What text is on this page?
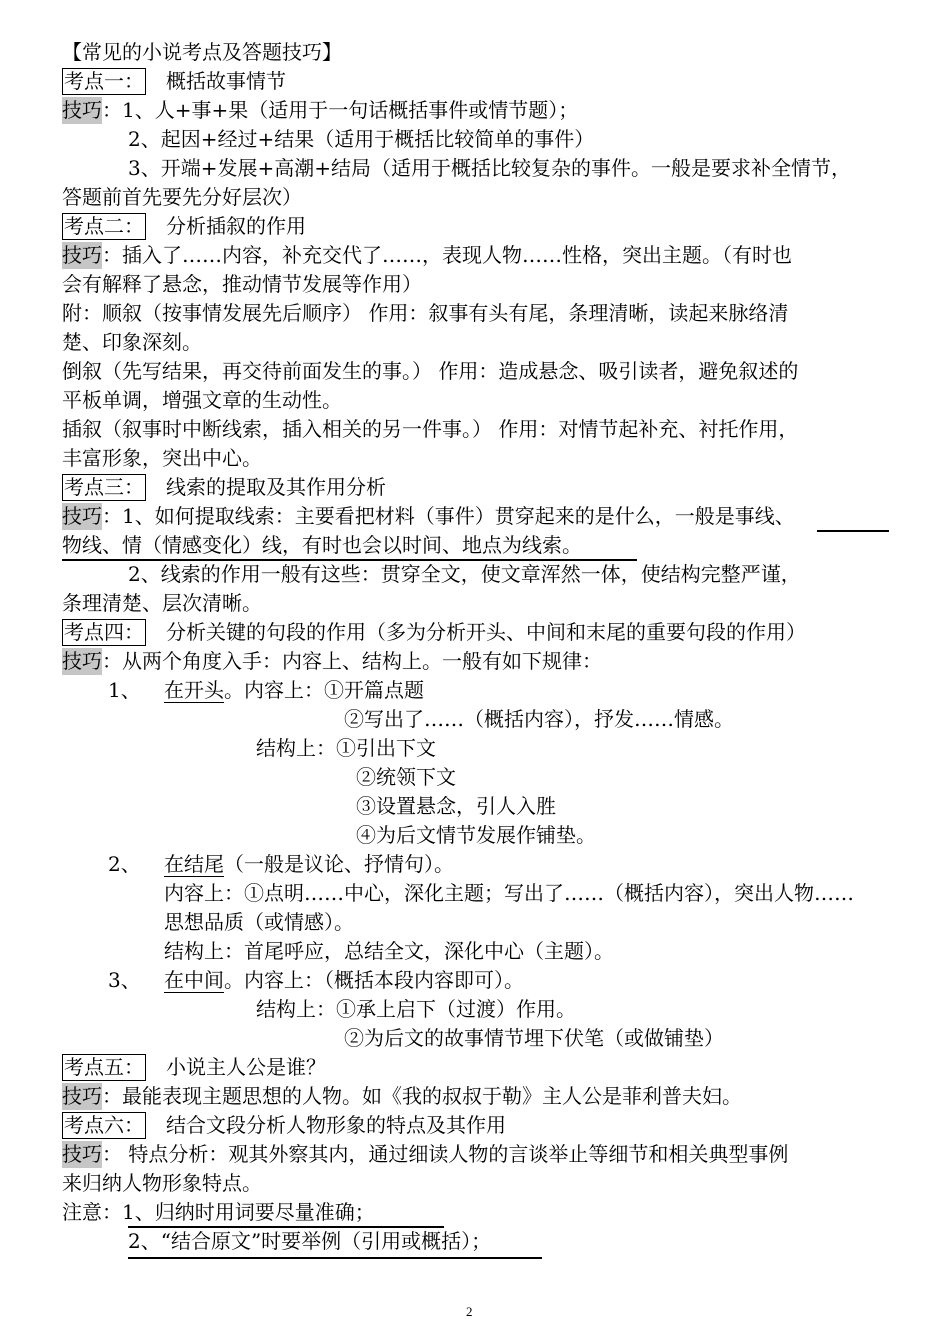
【常见的小说考点及答题技巧】
考点一： 概括故事情节
技巧：1、人+事+果（适用于一句话概括事件或情节题）；
2、起因+经过+结果（适用于概括比较简单的事件）
3、开端+发展+高潮+结局（适用于概括比较复杂的事件。一般是要求补全情节，
答题前首先要先分好层次）
考点二： 分析插叙的作用
技巧：插入了……内容，补充交代了……，表现人物……性格，突出主题。（有时也
会有解释了悬念，推动情节发展等作用）
附：顺叙（按事情发展先后顺序） 作用：叙事有头有尾，条理清晰，读起来脉络清
楚、印象深刻。
倒叙（先写结果，再交待前面发生的事。） 作用：造成悬念、吸引读者，避免叙述的
平板单调，增强文章的生动性。
插叙（叙事时中断线索，插入相关的另一件事。） 作用：对情节起补充、衬托作用，
丰富形象，突出中心。
考点三： 线索的提取及其作用分析
技巧：1、如何提取线索：主要看把材料（事件）贯穿起来的是什么，一般是事线、
物线、情（情感变化）线，有时也会以时间、地点为线索。
2、线索的作用一般有这些：贯穿全文，使文章浑然一体，使结构完整严谨，
条理清楚、层次清晰。
考点四： 分析关键的句段的作用（多为分析开头、中间和末尾的重要句段的作用）
技巧：从两个角度入手：内容上、结构上。一般有如下规律：
1、 在开头。内容上：①开篇点题
②写出了……（概括内容），抒发……情感。
结构上：①引出下文
②统领下文
③设置悬念，引人入胜
④为后文情节发展作铺垫。
2、 在结尾（一般是议论、抒情句）。
内容上：①点明……中心，深化主题；写出了……（概括内容），突出人物……
思想品质（或情感）。
结构上：首尾呼应，总结全文，深化中心（主题）。
3、 在中间。内容上：（概括本段内容即可）。
结构上：①承上启下（过渡）作用。
②为后文的故事情节埋下伏笔（或做铺垫）
考点五： 小说主人公是谁？
技巧：最能表现主题思想的人物。如《我的叔叔于勒》主人公是菲利普夫妇。
考点六： 结合文段分析人物形象的特点及其作用
技巧： 特点分析：观其外察其内，通过细读人物的言谈举止等细节和相关典型事例
来归纳人物形象特点。
注意：1、归纳时用词要尽量准确；
2、“结合原文”时要举例（引用或概括）；
2
